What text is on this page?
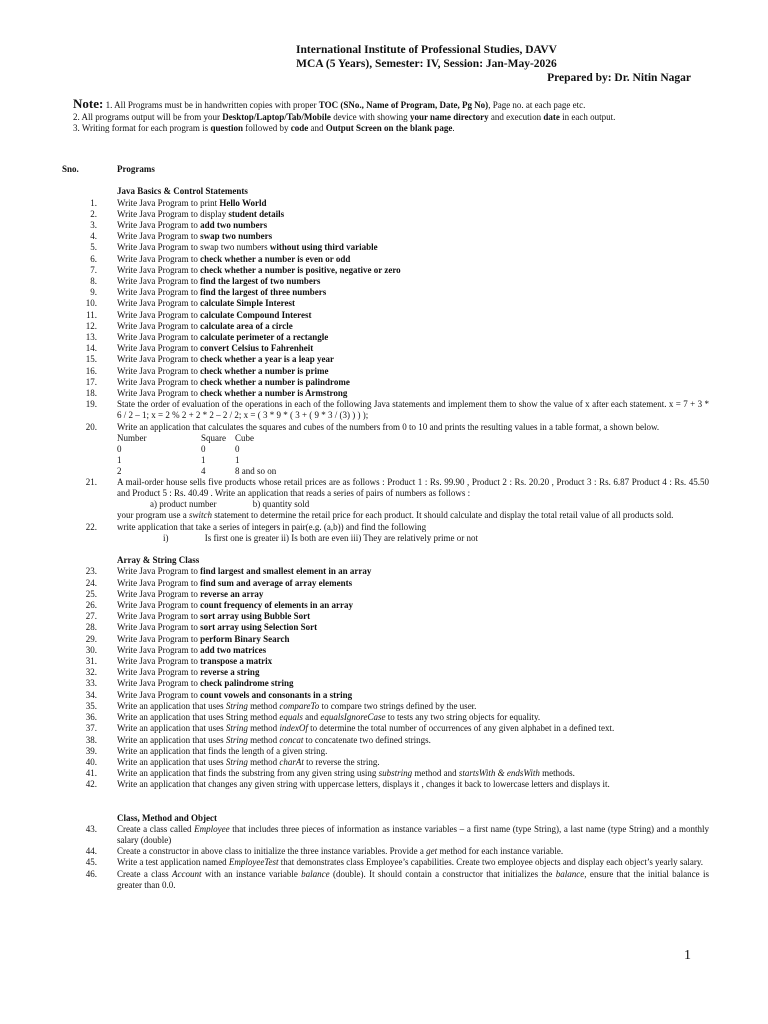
International Institute of Professional Studies, DAVV
MCA (5 Years), Semester: IV, Session: Jan-May-2026
Prepared by: Dr. Nitin Nagar
Note: 1. All Programs must be in handwritten copies with proper TOC (SNo., Name of Program, Date, Pg No), Page no. at each page etc.
2. All programs output will be from your Desktop/Laptop/Tab/Mobile device with showing your name directory and execution date in each output.
3. Writing format for each program is question followed by code and Output Screen on the blank page.
Sno.	Programs
Java Basics & Control Statements
1. Write Java Program to print Hello World
2. Write Java Program to display student details
3. Write Java Program to add two numbers
4. Write Java Program to swap two numbers
5. Write Java Program to swap two numbers without using third variable
6. Write Java Program to check whether a number is even or odd
7. Write Java Program to check whether a number is positive, negative or zero
8. Write Java Program to find the largest of two numbers
9. Write Java Program to find the largest of three numbers
10. Write Java Program to calculate Simple Interest
11. Write Java Program to calculate Compound Interest
12. Write Java Program to calculate area of a circle
13. Write Java Program to calculate perimeter of a rectangle
14. Write Java Program to convert Celsius to Fahrenheit
15. Write Java Program to check whether a year is a leap year
16. Write Java Program to check whether a number is prime
17. Write Java Program to check whether a number is palindrome
18. Write Java Program to check whether a number is Armstrong
19. State the order of evaluation of the operations in each of the following Java statements and implement them to show the value of x after each statement. x = 7 + 3 * 6 / 2 – 1; x = 2 % 2 + 2 * 2 – 2 / 2; x = ( 3 * 9 * ( 3 + ( 9 * 3 / (3) ) ) );
20. Write an application that calculates the squares and cubes of the numbers from 0 to 10 and prints the resulting values in a table format, a shown below.
Number	Square	Cube
0	0	0
1	1	1
2	4	8 and so on
21. A mail-order house sells five products whose retail prices are as follows : Product 1 : Rs. 99.90 , Product 2 : Rs. 20.20 , Product 3 : Rs. 6.87 Product 4 : Rs. 45.50 and Product 5 : Rs. 40.49 . Write an application that reads a series of pairs of numbers as follows :
a) product number	b) quantity sold
your program use a switch statement to determine the retail price for each product. It should calculate and display the total retail value of all products sold.
22. write application that take a series of integers in pair(e.g. (a,b)) and find the following
i)	Is first one is greater ii) Is both are even iii) They are relatively prime or not
Array & String Class
23. Write Java Program to find largest and smallest element in an array
24. Write Java Program to find sum and average of array elements
25. Write Java Program to reverse an array
26. Write Java Program to count frequency of elements in an array
27. Write Java Program to sort array using Bubble Sort
28. Write Java Program to sort array using Selection Sort
29. Write Java Program to perform Binary Search
30. Write Java Program to add two matrices
31. Write Java Program to transpose a matrix
32. Write Java Program to reverse a string
33. Write Java Program to check palindrome string
34. Write Java Program to count vowels and consonants in a string
35. Write an application that uses String method compareTo to compare two strings defined by the user.
36. Write an application that uses String method equals and equalsIgnoreCase to tests any two string objects for equality.
37. Write an application that uses String method indexOf to determine the total number of occurrences of any given alphabet in a defined text.
38. Write an application that uses String method concat to concatenate two defined strings.
39. Write an application that finds the length of a given string.
40. Write an application that uses String method charAt to reverse the string.
41. Write an application that finds the substring from any given string using substring method and startsWith & endsWith methods.
42. Write an application that changes any given string with uppercase letters, displays it , changes it back to lowercase letters and displays it.
Class, Method and Object
43. Create a class called Employee that includes three pieces of information as instance variables – a first name (type String), a last name (type String) and a monthly salary (double)
44. Create a constructor in above class to initialize the three instance variables. Provide a get method for each instance variable.
45. Write a test application named EmployeeTest that demonstrates class Employee’s capabilities. Create two employee objects and display each object’s yearly salary.
46. Create a class Account with an instance variable balance (double). It should contain a constructor that initializes the balance, ensure that the initial balance is greater than 0.0.
1
